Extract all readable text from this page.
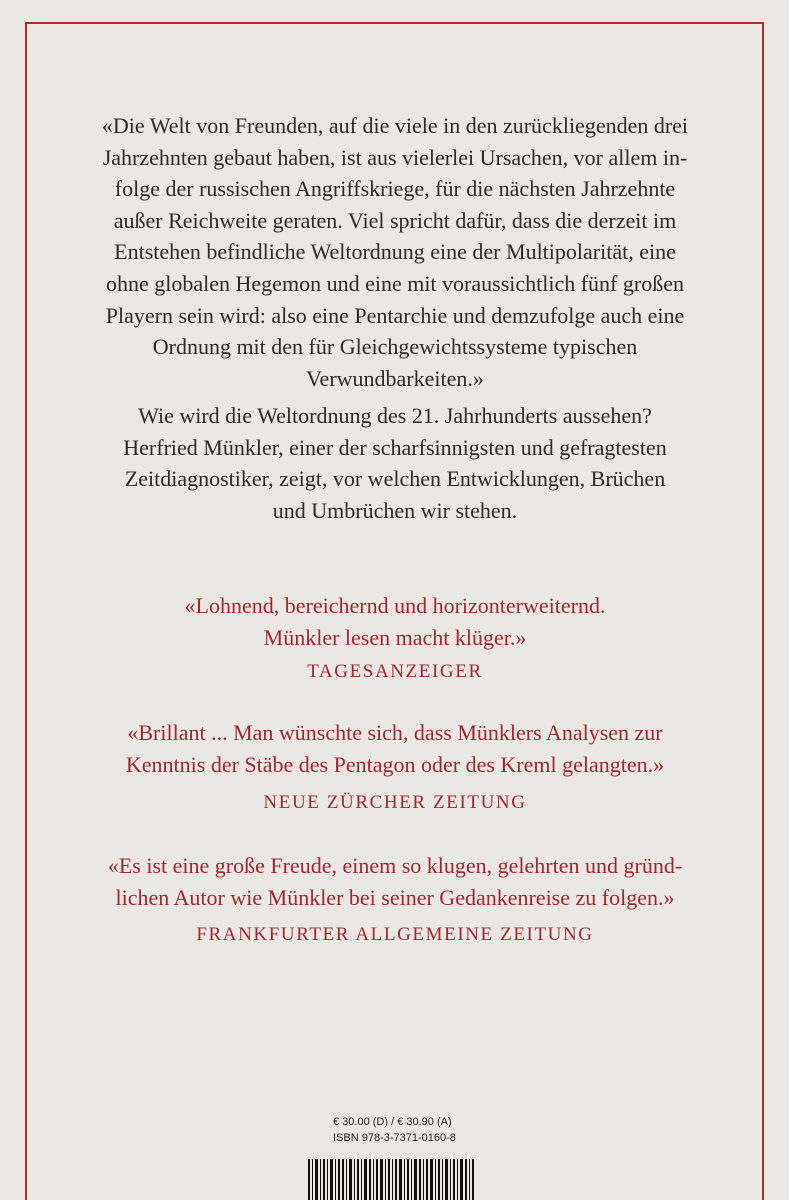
«Die Welt von Freunden, auf die viele in den zurückliegenden drei
Jahrzehnten gebaut haben, ist aus vielerlei Ursachen, vor allem in-
folge der russischen Angriffskriege, für die nächsten Jahrzehnte
außer Reichweite geraten. Viel spricht dafür, dass die derzeit im
Entstehen befindliche Weltordnung eine der Multipolarität, eine
ohne globalen Hegemon und eine mit voraussichtlich fünf großen
Playern sein wird: also eine Pentarchie und demzufolge auch eine
Ordnung mit den für Gleichgewichtssysteme typischen
Verwundbarkeiten.»

Wie wird die Weltordnung des 21. Jahrhunderts aussehen?
Herfried Münkler, einer der scharfsinnigsten und gefragtesten
Zeitdiagnostiker, zeigt, vor welchen Entwicklungen, Brüchen
und Umbrüchen wir stehen.

«Lohnend, bereichernd und horizonterweiternd.
Münkler lesen macht klüger.»

TAGESANZEIGER

«Brillant ... Man wünschte sich, dass Münklers Analysen zur
Kenntnis der Stäbe des Pentagon oder des Kreml gelangten.»

NEUE ZÜRCHER ZEITUNG

«Es ist eine große Freude, einem so klugen, gelehrten und gründ-
lichen Autor wie Münkler bei seiner Gedankenreise zu folgen.»

FRANKFURTER ALLGEMEINE ZEITUNG

€ 30.00 (D) / € 30.90 (A)
ISBN 978-3-7371-0160-8
